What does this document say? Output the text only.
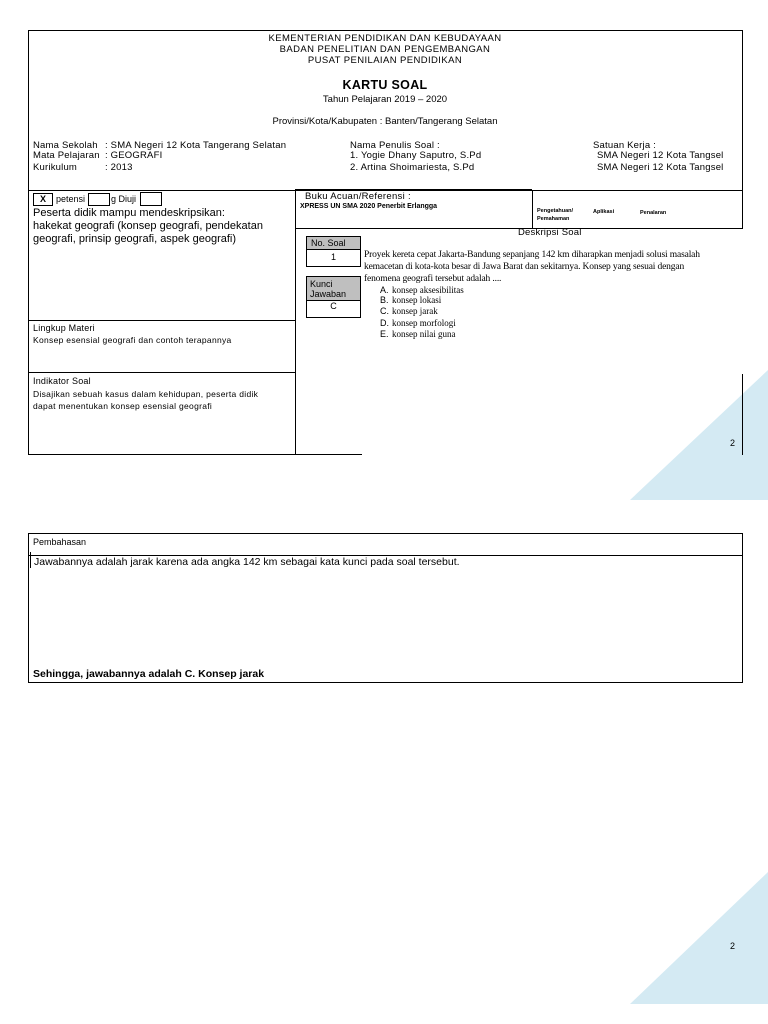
KEMENTERIAN PENDIDIKAN DAN KEBUDAYAAN
BADAN PENELITIAN DAN PENGEMBANGAN
PUSAT PENILAIAN PENDIDIKAN
KARTU SOAL
Tahun Pelajaran 2019 – 2020
Provinsi/Kota/Kabupaten : Banten/Tangerang Selatan
Nama Sekolah : SMA Negeri 12 Kota Tangerang Selatan
Mata Pelajaran : GEOGRAFI
Kurikulum	: 2013
Nama Penulis Soal :
1. Yogie Dhany Saputro, S.Pd
2. Artina Shoimariesta, S.Pd
Satuan Kerja :
SMA Negeri 12 Kota Tangsel
SMA Negeri 12 Kota Tangsel
petensi	g Diuji
X
Peserta didik mampu mendeskripsikan:
hakekat geografi (konsep geografi, pendekatan
geografi, prinsip geografi, aspek geografi)
Lingkup Materi
Konsep esensial geografi dan contoh terapannya
Indikator Soal
Disajikan sebuah kasus dalam kehidupan, peserta didik
dapat menentukan konsep esensial geografi
Buku Acuan/Referensi :
XPRESS UN SMA 2020 Penerbit Erlangga
Pengetahuan/
Pemahaman
Aplikasi	Penalaran
No. Soal
1
Kunci
Jawaban
C
Deskripsi Soal
Proyek kereta cepat Jakarta-Bandung sepanjang 142 km diharapkan menjadi solusi masalah
kemacetan di kota-kota besar di Jawa Barat dan sekitarnya. Konsep yang sesuai dengan
fenomena geografi tersebut adalah ....
A. konsep aksesibilitas
B. konsep lokasi
C. konsep jarak
D. konsep morfologi
E. konsep nilai guna
2
Pembahasan
Jawabannya adalah jarak karena ada angka 142 km sebagai kata kunci pada soal tersebut.
Sehingga, jawabannya adalah C. Konsep jarak
2
